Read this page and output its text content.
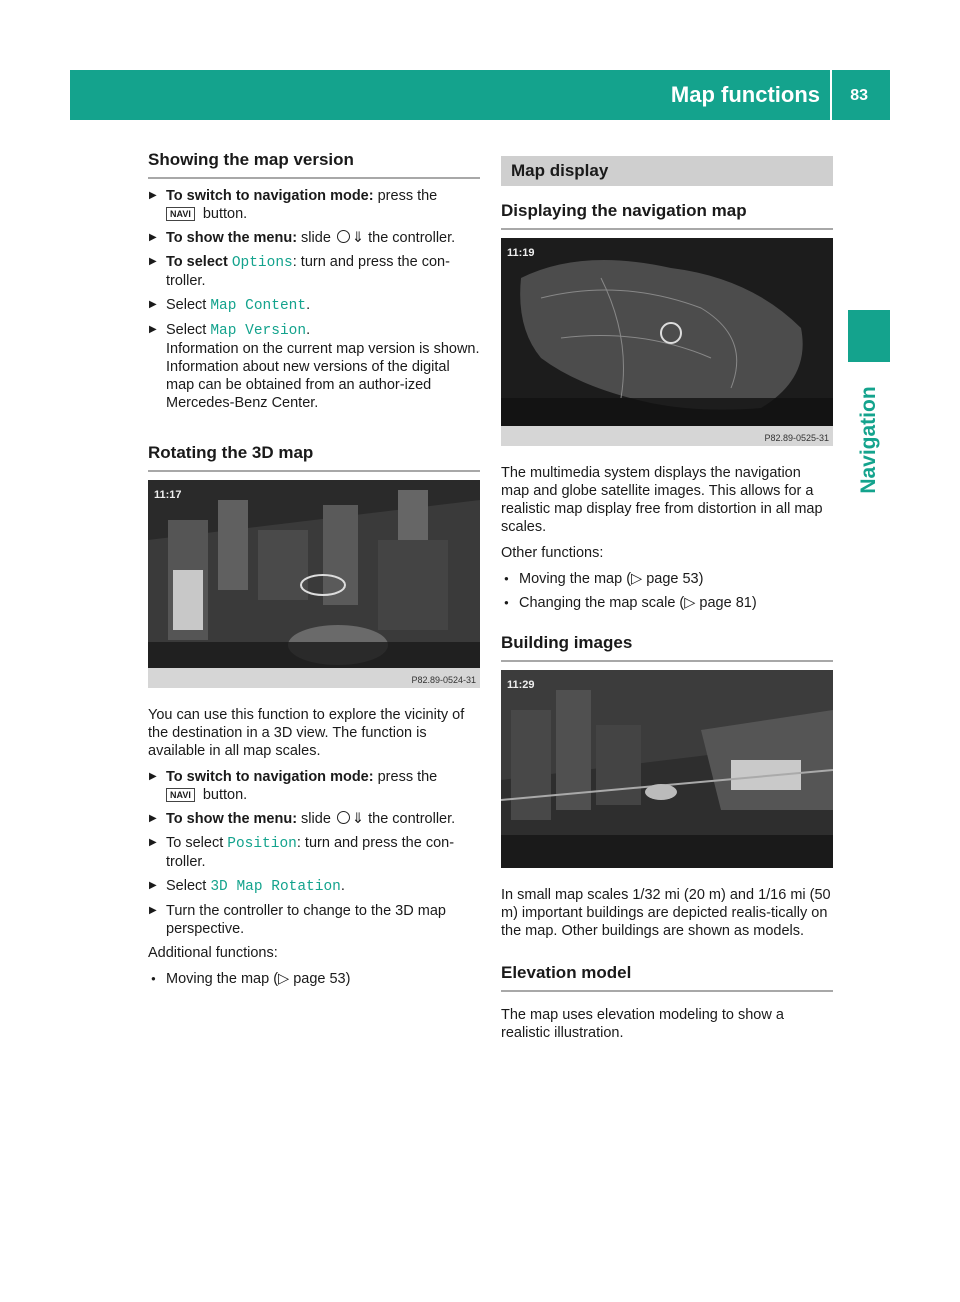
Map functions 83
Navigation
Showing the map version
▶ To switch to navigation mode: press the
NAVI button.
▶ To show the menu: slide ⇓ the controller.
▶ To select Options: turn and press the con-troller.
▶ Select Map Content.
▶ Select Map Version.
Information on the current map version is shown. Information about new versions of the digital map can be obtained from an author-ized Mercedes-Benz Center.
Rotating the 3D map
11:17
P82.89-0524-31

You can use this function to explore the vicinity of the destination in a 3D view. The function is available in all map scales.

▶ To switch to navigation mode: press the
NAVI button.
▶ To show the menu: slide ⇓ the controller.
▶ To select Position: turn and press the con-troller.
▶ Select 3D Map Rotation.
▶ Turn the controller to change to the 3D map perspective.

Additional functions:

● Moving the map (▷ page 53)
Map display
Displaying the navigation map
11:19
P82.89-0525-31

The multimedia system displays the navigation map and globe satellite images. This allows for a realistic map display free from distortion in all map scales.

Other functions:

● Moving the map (▷ page 53)
● Changing the map scale (▷ page 81)
Building images
11:29

In small map scales 1/32 mi (20 m) and 1/16 mi (50 m) important buildings are depicted realis-tically on the map. Other buildings are shown as models.

Elevation model

The map uses elevation modeling to show a realistic illustration.
